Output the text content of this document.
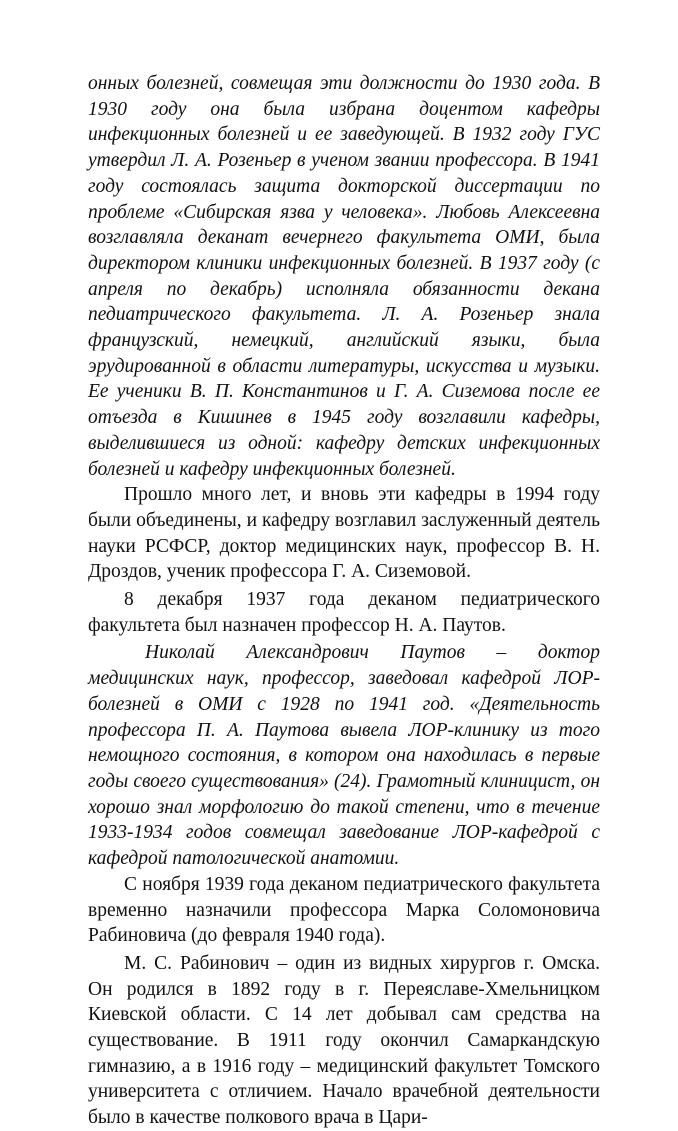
онных болезней, совмещая эти должности до 1930 года. В 1930 году она была избрана доцентом кафедры инфекционных болезней и ее заведующей. В 1932 году ГУС утвердил Л. А. Розеньер в ученом звании профессора. В 1941 году состоялась защита докторской диссертации по проблеме «Сибирская язва у человека». Любовь Алексеевна возглавляла деканат вечернего факультета ОМИ, была директором клиники инфекционных болезней. В 1937 году (с апреля по декабрь) исполняла обязанности декана педиатрического факультета. Л. А. Розеньер знала французский, немецкий, английский языки, была эрудированной в области литературы, искусства и музыки. Ее ученики В. П. Константинов и Г. А. Сиземова после ее отъезда в Кишинев в 1945 году возглавили кафедры, выделившиеся из одной: кафедру детских инфекционных болезней и кафедру инфекционных болезней.

Прошло много лет, и вновь эти кафедры в 1994 году были объединены, и кафедру возглавил заслуженный деятель науки РСФСР, доктор медицинских наук, профессор В. Н. Дроздов, ученик профессора Г. А. Сиземовой.

8 декабря 1937 года деканом педиатрического факультета был назначен профессор Н. А. Паутов.

Николай Александрович Паутов – доктор медицинских наук, профессор, заведовал кафедрой ЛОР-болезней в ОМИ с 1928 по 1941 год. «Деятельность профессора П. А. Паутова вывела ЛОР-клинику из того немощного состояния, в котором она находилась в первые годы своего существования» (24). Грамотный клиницист, он хорошо знал морфологию до такой степени, что в течение 1933-1934 годов совмещал заведование ЛОР-кафедрой с кафедрой патологической анатомии.

С ноября 1939 года деканом педиатрического факультета временно назначили профессора Марка Соломоновича Рабиновича (до февраля 1940 года).

М. С. Рабинович – один из видных хирургов г. Омска. Он родился в 1892 году в г. Переяславе-Хмельницком Киевской области. С 14 лет добывал сам средства на существование. В 1911 году окончил Самаркандскую гимназию, а в 1916 году – медицинский факультет Томского университета с отличием. Начало врачебной деятельности было в качестве полкового врача в Цари-
